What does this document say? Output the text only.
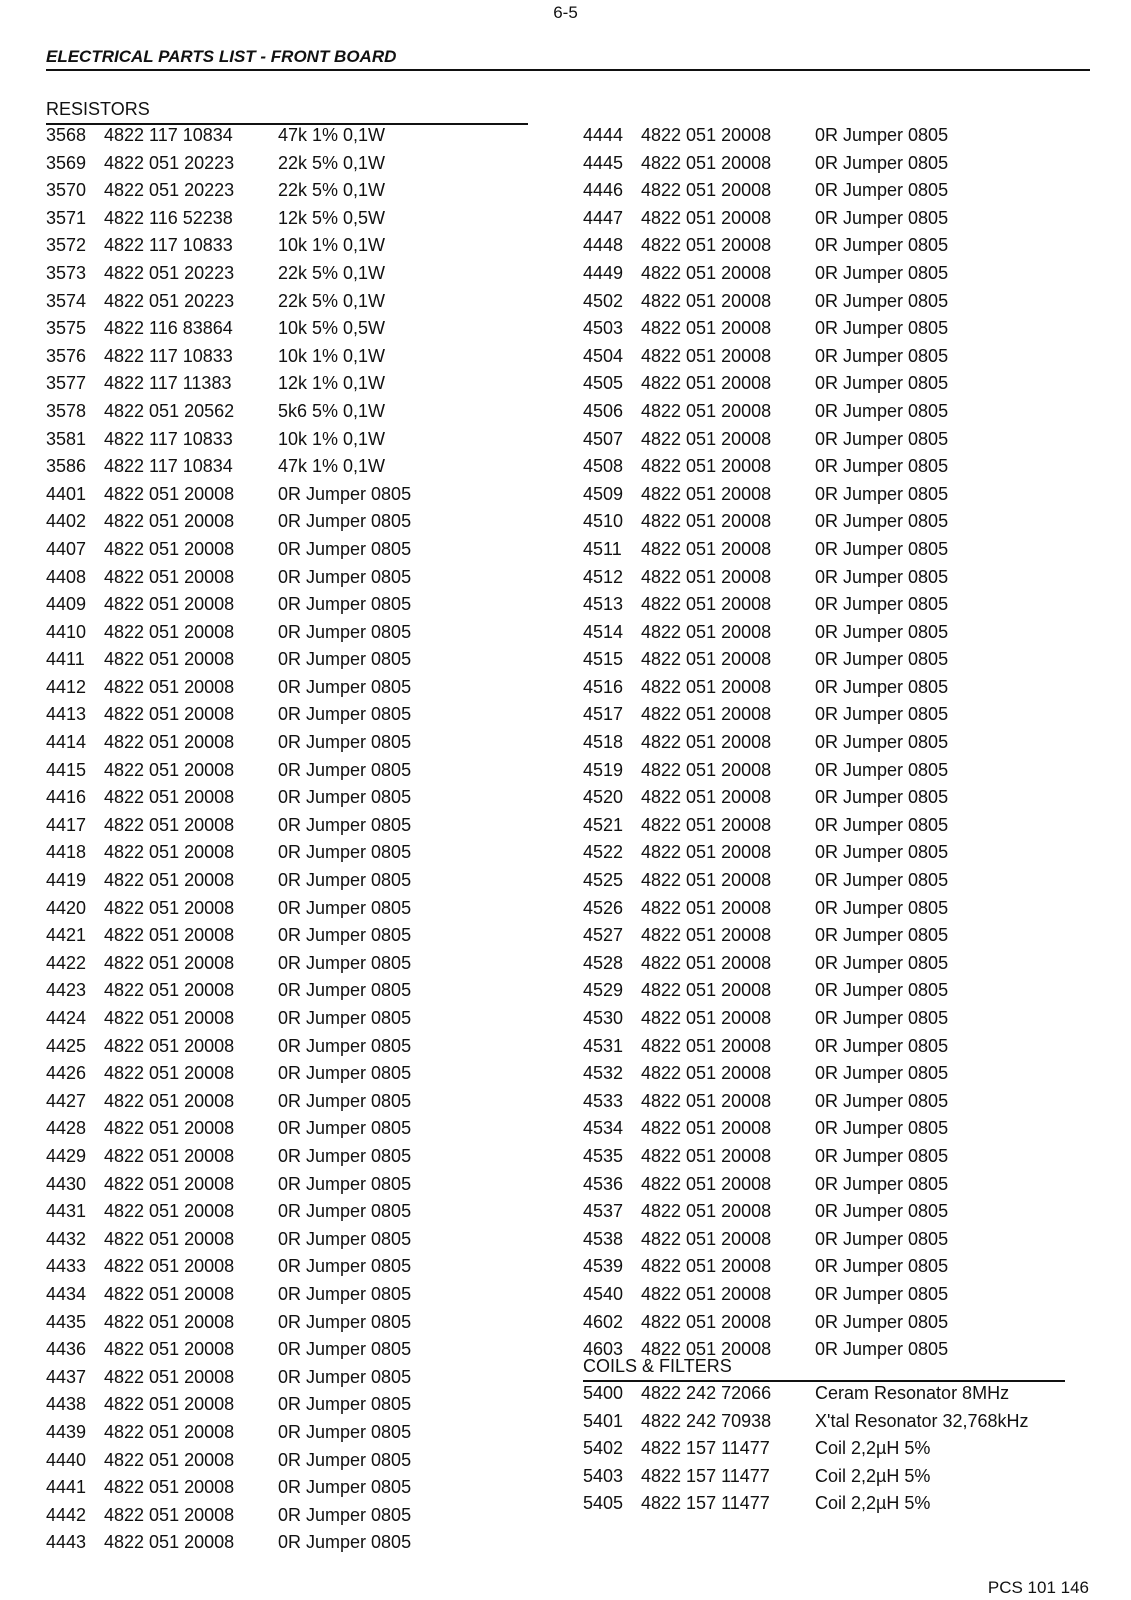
6-5
ELECTRICAL PARTS LIST - FRONT BOARD
RESISTORS
3568 4822 117 10834	47k 1% 0,1W
3569 4822 051 20223	22k 5% 0,1W
3570 4822 051 20223	22k 5% 0,1W
3571 4822 116 52238	12k 5% 0,5W
3572 4822 117 10833	10k 1% 0,1W
3573 4822 051 20223	22k 5% 0,1W
3574 4822 051 20223	22k 5% 0,1W
3575 4822 116 83864	10k 5% 0,5W
3576 4822 117 10833	10k 1% 0,1W
3577 4822 117 11383	12k 1% 0,1W
3578 4822 051 20562	5k6 5% 0,1W
3581 4822 117 10833	10k 1% 0,1W
3586 4822 117 10834	47k 1% 0,1W
4401 4822 051 20008	0R Jumper 0805
4402 4822 051 20008	0R Jumper 0805
4407 4822 051 20008	0R Jumper 0805
4408 4822 051 20008	0R Jumper 0805
4409 4822 051 20008	0R Jumper 0805
4410 4822 051 20008	0R Jumper 0805
4411	4822 051 20008	0R Jumper 0805
4412 4822 051 20008	0R Jumper 0805
4413 4822 051 20008	0R Jumper 0805
4414 4822 051 20008	0R Jumper 0805
4415 4822 051 20008	0R Jumper 0805
4416 4822 051 20008	0R Jumper 0805
4417 4822 051 20008	0R Jumper 0805
4418 4822 051 20008	0R Jumper 0805
4419 4822 051 20008	0R Jumper 0805
4420 4822 051 20008	0R Jumper 0805
4421 4822 051 20008	0R Jumper 0805
4422 4822 051 20008	0R Jumper 0805
4423 4822 051 20008	0R Jumper 0805
4424 4822 051 20008	0R Jumper 0805
4425 4822 051 20008	0R Jumper 0805
4426 4822 051 20008	0R Jumper 0805
4427 4822 051 20008	0R Jumper 0805
4428 4822 051 20008	0R Jumper 0805
4429 4822 051 20008	0R Jumper 0805
4430 4822 051 20008	0R Jumper 0805
4431 4822 051 20008	0R Jumper 0805
4432 4822 051 20008	0R Jumper 0805
4433 4822 051 20008	0R Jumper 0805
4434 4822 051 20008	0R Jumper 0805
4435 4822 051 20008	0R Jumper 0805
4436 4822 051 20008	0R Jumper 0805
4437 4822 051 20008	0R Jumper 0805
4438 4822 051 20008	0R Jumper 0805
4439 4822 051 20008	0R Jumper 0805
4440 4822 051 20008	0R Jumper 0805
4441 4822 051 20008	0R Jumper 0805
4442 4822 051 20008	0R Jumper 0805
4443 4822 051 20008	0R Jumper 0805
4444 4822 051 20008	0R Jumper 0805
4445 4822 051 20008	0R Jumper 0805
4446 4822 051 20008	0R Jumper 0805
4447 4822 051 20008	0R Jumper 0805
4448 4822 051 20008	0R Jumper 0805
4449 4822 051 20008	0R Jumper 0805
4502 4822 051 20008	0R Jumper 0805
4503 4822 051 20008	0R Jumper 0805
4504 4822 051 20008	0R Jumper 0805
4505 4822 051 20008	0R Jumper 0805
4506 4822 051 20008	0R Jumper 0805
4507 4822 051 20008	0R Jumper 0805
4508 4822 051 20008	0R Jumper 0805
4509 4822 051 20008	0R Jumper 0805
4510 4822 051 20008	0R Jumper 0805
4511	4822 051 20008	0R Jumper 0805
4512 4822 051 20008	0R Jumper 0805
4513 4822 051 20008	0R Jumper 0805
4514 4822 051 20008	0R Jumper 0805
4515 4822 051 20008	0R Jumper 0805
4516 4822 051 20008	0R Jumper 0805
4517 4822 051 20008	0R Jumper 0805
4518 4822 051 20008	0R Jumper 0805
4519 4822 051 20008	0R Jumper 0805
4520 4822 051 20008	0R Jumper 0805
4521 4822 051 20008	0R Jumper 0805
4522 4822 051 20008	0R Jumper 0805
4525 4822 051 20008	0R Jumper 0805
4526 4822 051 20008	0R Jumper 0805
4527 4822 051 20008	0R Jumper 0805
4528 4822 051 20008	0R Jumper 0805
4529 4822 051 20008	0R Jumper 0805
4530 4822 051 20008	0R Jumper 0805
4531 4822 051 20008	0R Jumper 0805
4532 4822 051 20008	0R Jumper 0805
4533 4822 051 20008	0R Jumper 0805
4534 4822 051 20008	0R Jumper 0805
4535 4822 051 20008	0R Jumper 0805
4536 4822 051 20008	0R Jumper 0805
4537 4822 051 20008	0R Jumper 0805
4538 4822 051 20008	0R Jumper 0805
4539 4822 051 20008	0R Jumper 0805
4540 4822 051 20008	0R Jumper 0805
4602 4822 051 20008	0R Jumper 0805
4603 4822 051 20008	0R Jumper 0805
COILS & FILTERS
5400 4822 242 72066	Ceram Resonator 8MHz
5401 4822 242 70938	X'tal Resonator 32,768kHz
5402 4822 157 11477	Coil 2,2µH 5%
5403 4822 157 11477	Coil 2,2µH 5%
5405 4822 157 11477	Coil 2,2µH 5%
PCS 101 146
